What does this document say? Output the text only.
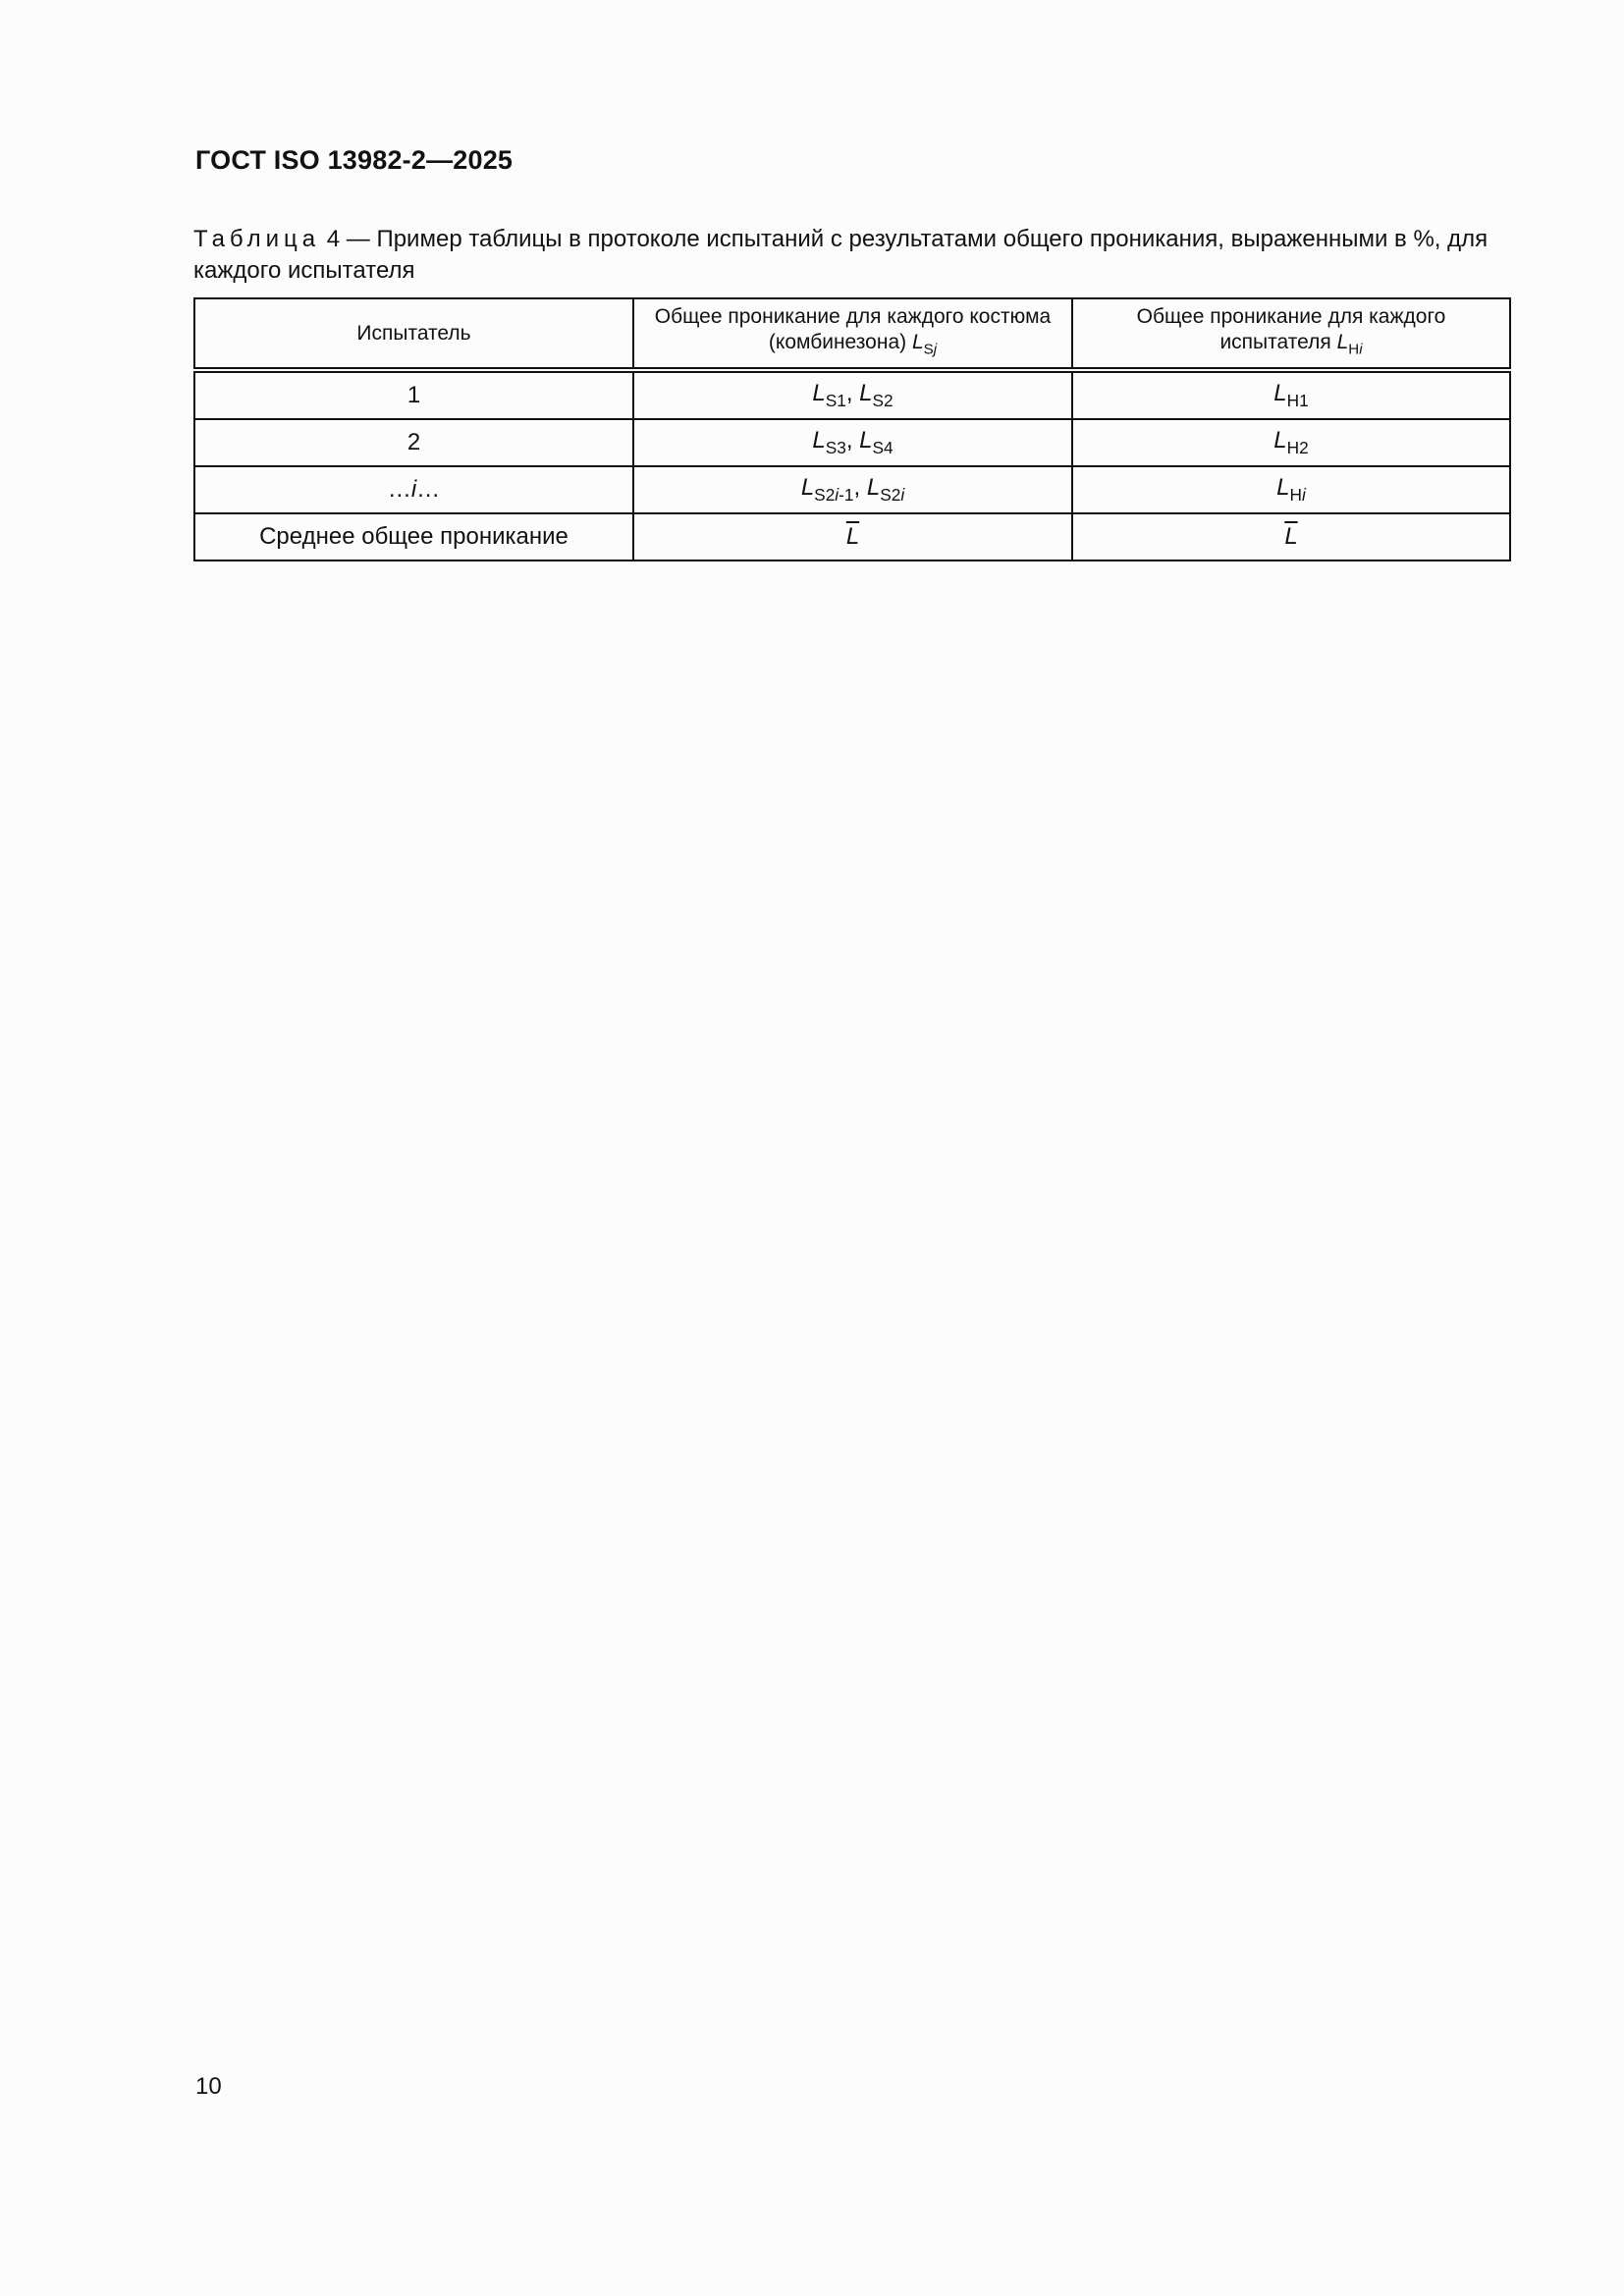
ГОСТ ISO 13982-2—2025
Таблица 4 — Пример таблицы в протоколе испытаний с результатами общего проникания, выраженными в %, для каждого испытателя
Испытатель	Общее проникание для каждого костюма (комбинезона) $L_{Sj}$	Общее проникание для каждого испытателя $L_{Hi}$
1	$L_{S1}$, $L_{S2}$	$L_{H1}$
2	$L_{S3}$, $L_{S4}$	$L_{H2}$
…i…	$L_{S2i-1}$, $L_{S2i}$	$L_{Hi}$
Среднее общее проникание	$\overline{L}$	$\overline{L}$
10
